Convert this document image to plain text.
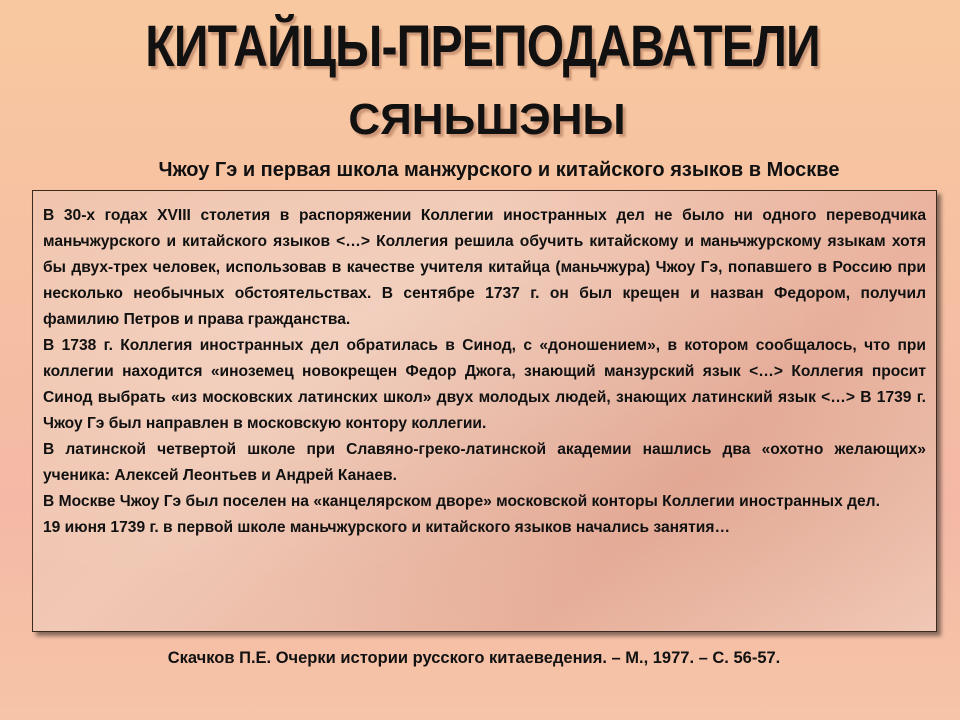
КИТАЙЦЫ-ПРЕПОДАВАТЕЛИ
СЯНЬШЭНЫ
Чжоу Гэ и первая школа манжурского и китайского языков в Москве

В 30-х годах XVIII столетия в распоряжении Коллегии иностранных дел не было ни одного переводчика маньчжурского и китайского языков <…> Коллегия решила обучить китайскому и маньчжурскому языкам хотя бы двух-трех человек, использовав в качестве учителя китайца (маньчжура) Чжоу Гэ, попавшего в Россию при несколько необычных обстоятельствах. В сентябре 1737 г. он был крещен и назван Федором, получил фамилию Петров и права гражданства.

В 1738 г. Коллегия иностранных дел обратилась в Синод, с «доношением», в котором сообщалось, что при коллегии находится «иноземец новокрещен Федор Джога, знающий манзурский язык <…> Коллегия просит Синод выбрать «из московских латинских школ» двух молодых людей, знающих латинский язык <…> В 1739 г. Чжоу Гэ был направлен в московскую контору коллегии.

В латинской четвертой школе при Славяно-греко-латинской академии нашлись два «охотно желающих» ученика: Алексей Леонтьев и Андрей Канаев.

В Москве Чжоу Гэ был поселен на «канцелярском дворе» московской конторы Коллегии иностранных дел.

19 июня 1739 г. в первой школе маньчжурского и китайского языков начались занятия…

Скачков П.Е. Очерки истории русского китаеведения. – М., 1977. – С. 56-57.
